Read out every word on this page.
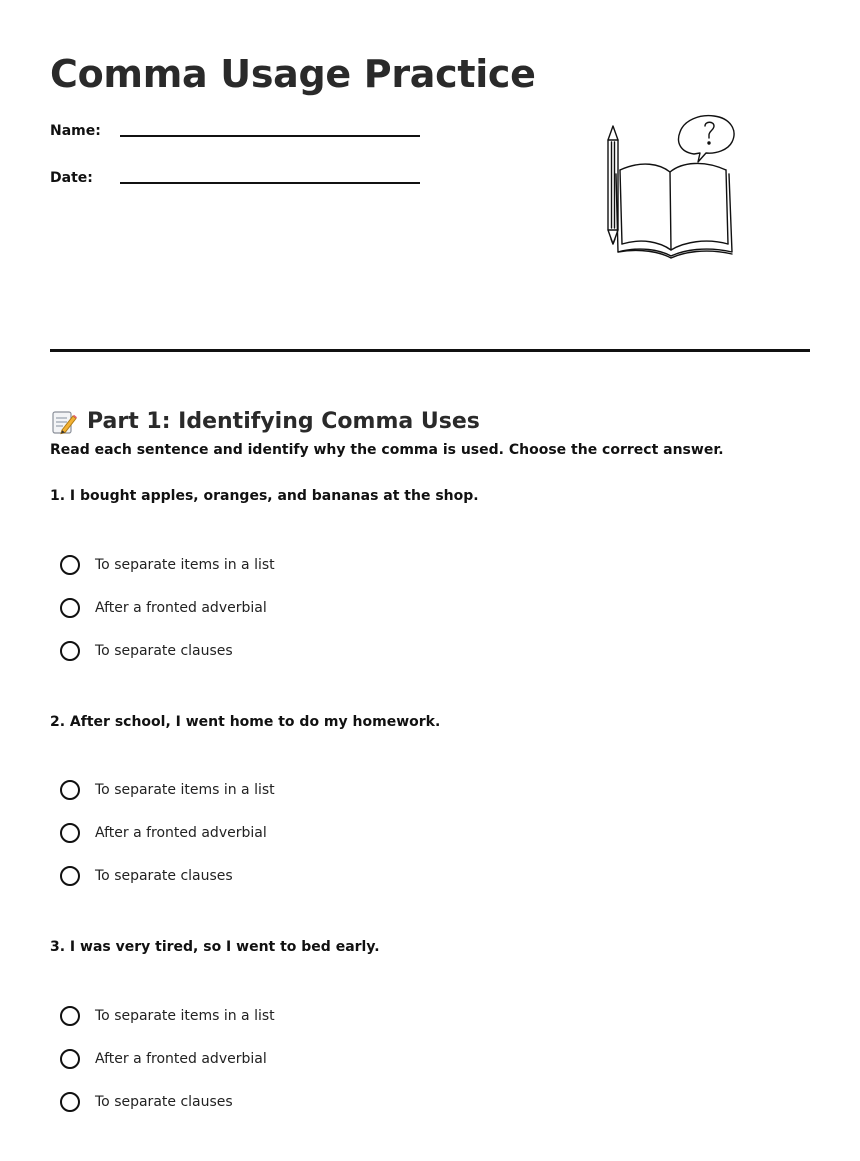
Comma Usage Practice
Name:
Date:
Part 1: Identifying Comma Uses

Read each sentence and identify why the comma is used. Choose the correct answer.

1. I bought apples, oranges, and bananas at the shop.
To separate items in a list
After a fronted adverbial
To separate clauses
2. After school, I went home to do my homework.
To separate items in a list
After a fronted adverbial
To separate clauses
3. I was very tired, so I went to bed early.
To separate items in a list
After a fronted adverbial
To separate clauses
